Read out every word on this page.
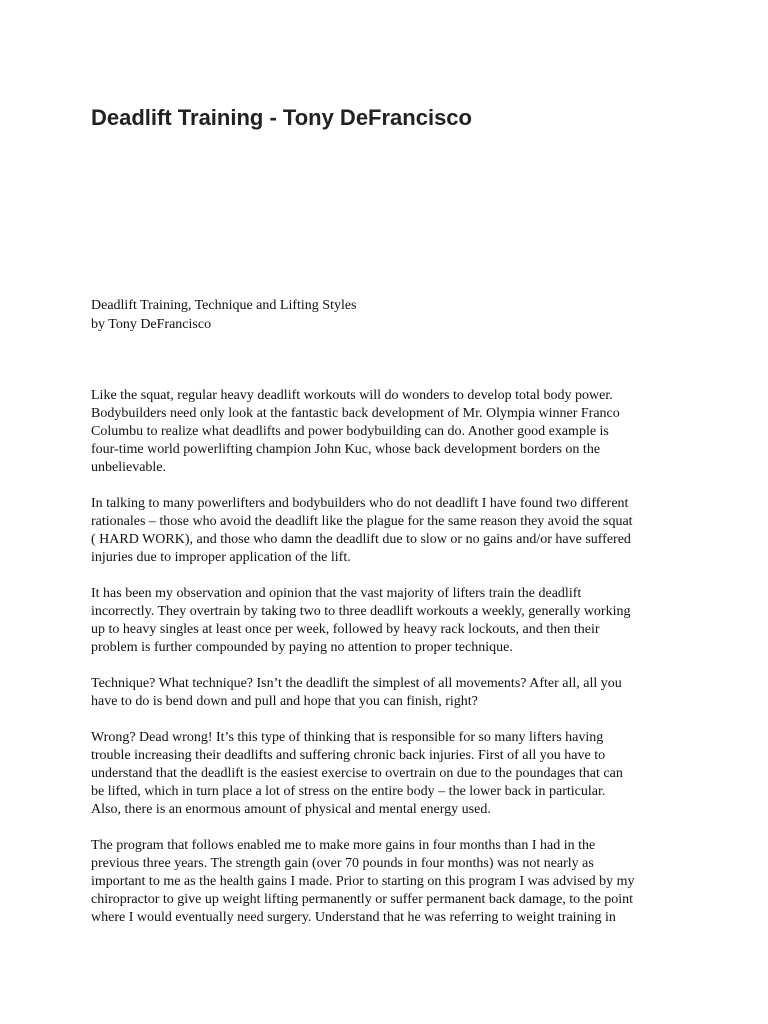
Deadlift Training - Tony DeFrancisco
Deadlift Training, Technique and Lifting Styles
by Tony DeFrancisco

Like the squat, regular heavy deadlift workouts will do wonders to develop total body power.
Bodybuilders need only look at the fantastic back development of Mr. Olympia winner Franco
Columbu to realize what deadlifts and power bodybuilding can do. Another good example is
four-time world powerlifting champion John Kuc, whose back development borders on the
unbelievable.

In talking to many powerlifters and bodybuilders who do not deadlift I have found two different
rationales – those who avoid the deadlift like the plague for the same reason they avoid the squat
( HARD WORK), and those who damn the deadlift due to slow or no gains and/or have suffered
injuries due to improper application of the lift.

It has been my observation and opinion that the vast majority of lifters train the deadlift
incorrectly. They overtrain by taking two to three deadlift workouts a weekly, generally working
up to heavy singles at least once per week, followed by heavy rack lockouts, and then their
problem is further compounded by paying no attention to proper technique.

Technique? What technique? Isn’t the deadlift the simplest of all movements? After all, all you
have to do is bend down and pull and hope that you can finish, right?

Wrong? Dead wrong! It’s this type of thinking that is responsible for so many lifters having
trouble increasing their deadlifts and suffering chronic back injuries. First of all you have to
understand that the deadlift is the easiest exercise to overtrain on due to the poundages that can
be lifted, which in turn place a lot of stress on the entire body – the lower back in particular.
Also, there is an enormous amount of physical and mental energy used.

The program that follows enabled me to make more gains in four months than I had in the
previous three years. The strength gain (over 70 pounds in four months) was not nearly as
important to me as the health gains I made. Prior to starting on this program I was advised by my
chiropractor to give up weight lifting permanently or suffer permanent back damage, to the point
where I would eventually need surgery. Understand that he was referring to weight training in
